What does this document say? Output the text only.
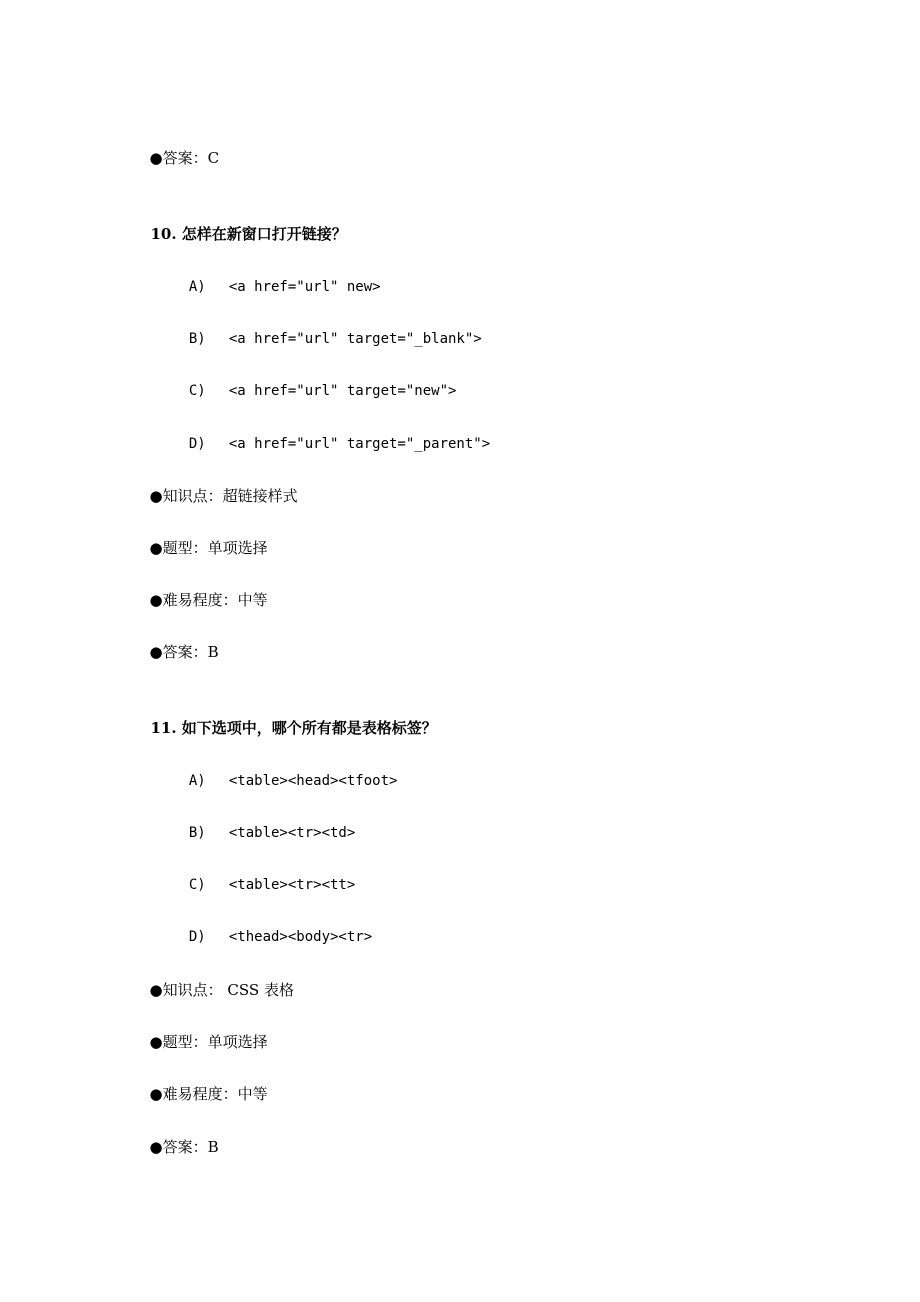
●答案：C

10. 怎样在新窗口打开链接？

A) <a href="url" new>

B) <a href="url" target="_blank">

C) <a href="url" target="new">

D) <a href="url" target="_parent">

●知识点：超链接样式

●题型：单项选择

●难易程度：中等

●答案：B

11. 如下选项中，哪个所有都是表格标签？

A) <table><head><tfoot>

B) <table><tr><td>

C) <table><tr><tt>

D) <thead><body><tr>

●知识点： CSS 表格

●题型：单项选择

●难易程度：中等

●答案：B
